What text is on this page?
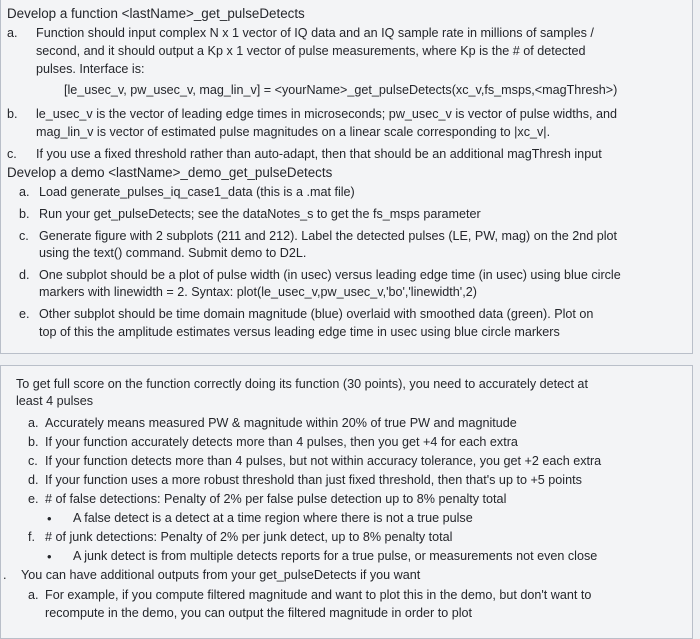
Develop a function <lastName>_get_pulseDetects
a. Function should input complex N x 1 vector of IQ data and an IQ sample rate in millions of samples /
second, and it should output a Kp x 1 vector of pulse measurements, where Kp is the # of detected
pulses. Interface is:
[le_usec_v, pw_usec_v, mag_lin_v] = <yourName>_get_pulseDetects(xc_v,fs_msps,<magThresh>)
b. le_usec_v is the vector of leading edge times in microseconds; pw_usec_v is vector of pulse widths, and
mag_lin_v is vector of estimated pulse magnitudes on a linear scale corresponding to |xc_v|.
c. If you use a fixed threshold rather than auto-adapt, then that should be an additional magThresh input
Develop a demo <lastName>_demo_get_pulseDetects
a. Load generate_pulses_iq_case1_data (this is a .mat file)
b. Run your get_pulseDetects; see the dataNotes_s to get the fs_msps parameter
c. Generate figure with 2 subplots (211 and 212). Label the detected pulses (LE, PW, mag) on the 2nd plot
using the text() command. Submit demo to D2L.
d. One subplot should be a plot of pulse width (in usec) versus leading edge time (in usec) using blue circle
markers with linewidth = 2. Syntax: plot(le_usec_v,pw_usec_v,'bo','linewidth',2)
e. Other subplot should be time domain magnitude (blue) overlaid with smoothed data (green). Plot on
top of this the amplitude estimates versus leading edge time in usec using blue circle markers
To get full score on the function correctly doing its function (30 points), you need to accurately detect at
least 4 pulses
a. Accurately means measured PW & magnitude within 20% of true PW and magnitude
b. If your function accurately detects more than 4 pulses, then you get +4 for each extra
c. If your function detects more than 4 pulses, but not within accuracy tolerance, you get +2 each extra
d. If your function uses a more robust threshold than just fixed threshold, then that's up to +5 points
e. # of false detections: Penalty of 2% per false pulse detection up to 8% penalty total
• A false detect is a detect at a time region where there is not a true pulse
f. # of junk detections: Penalty of 2% per junk detect, up to 8% penalty total
• A junk detect is from multiple detects reports for a true pulse, or measurements not even close
. You can have additional outputs from your get_pulseDetects if you want
a. For example, if you compute filtered magnitude and want to plot this in the demo, but don't want to
recompute in the demo, you can output the filtered magnitude in order to plot
